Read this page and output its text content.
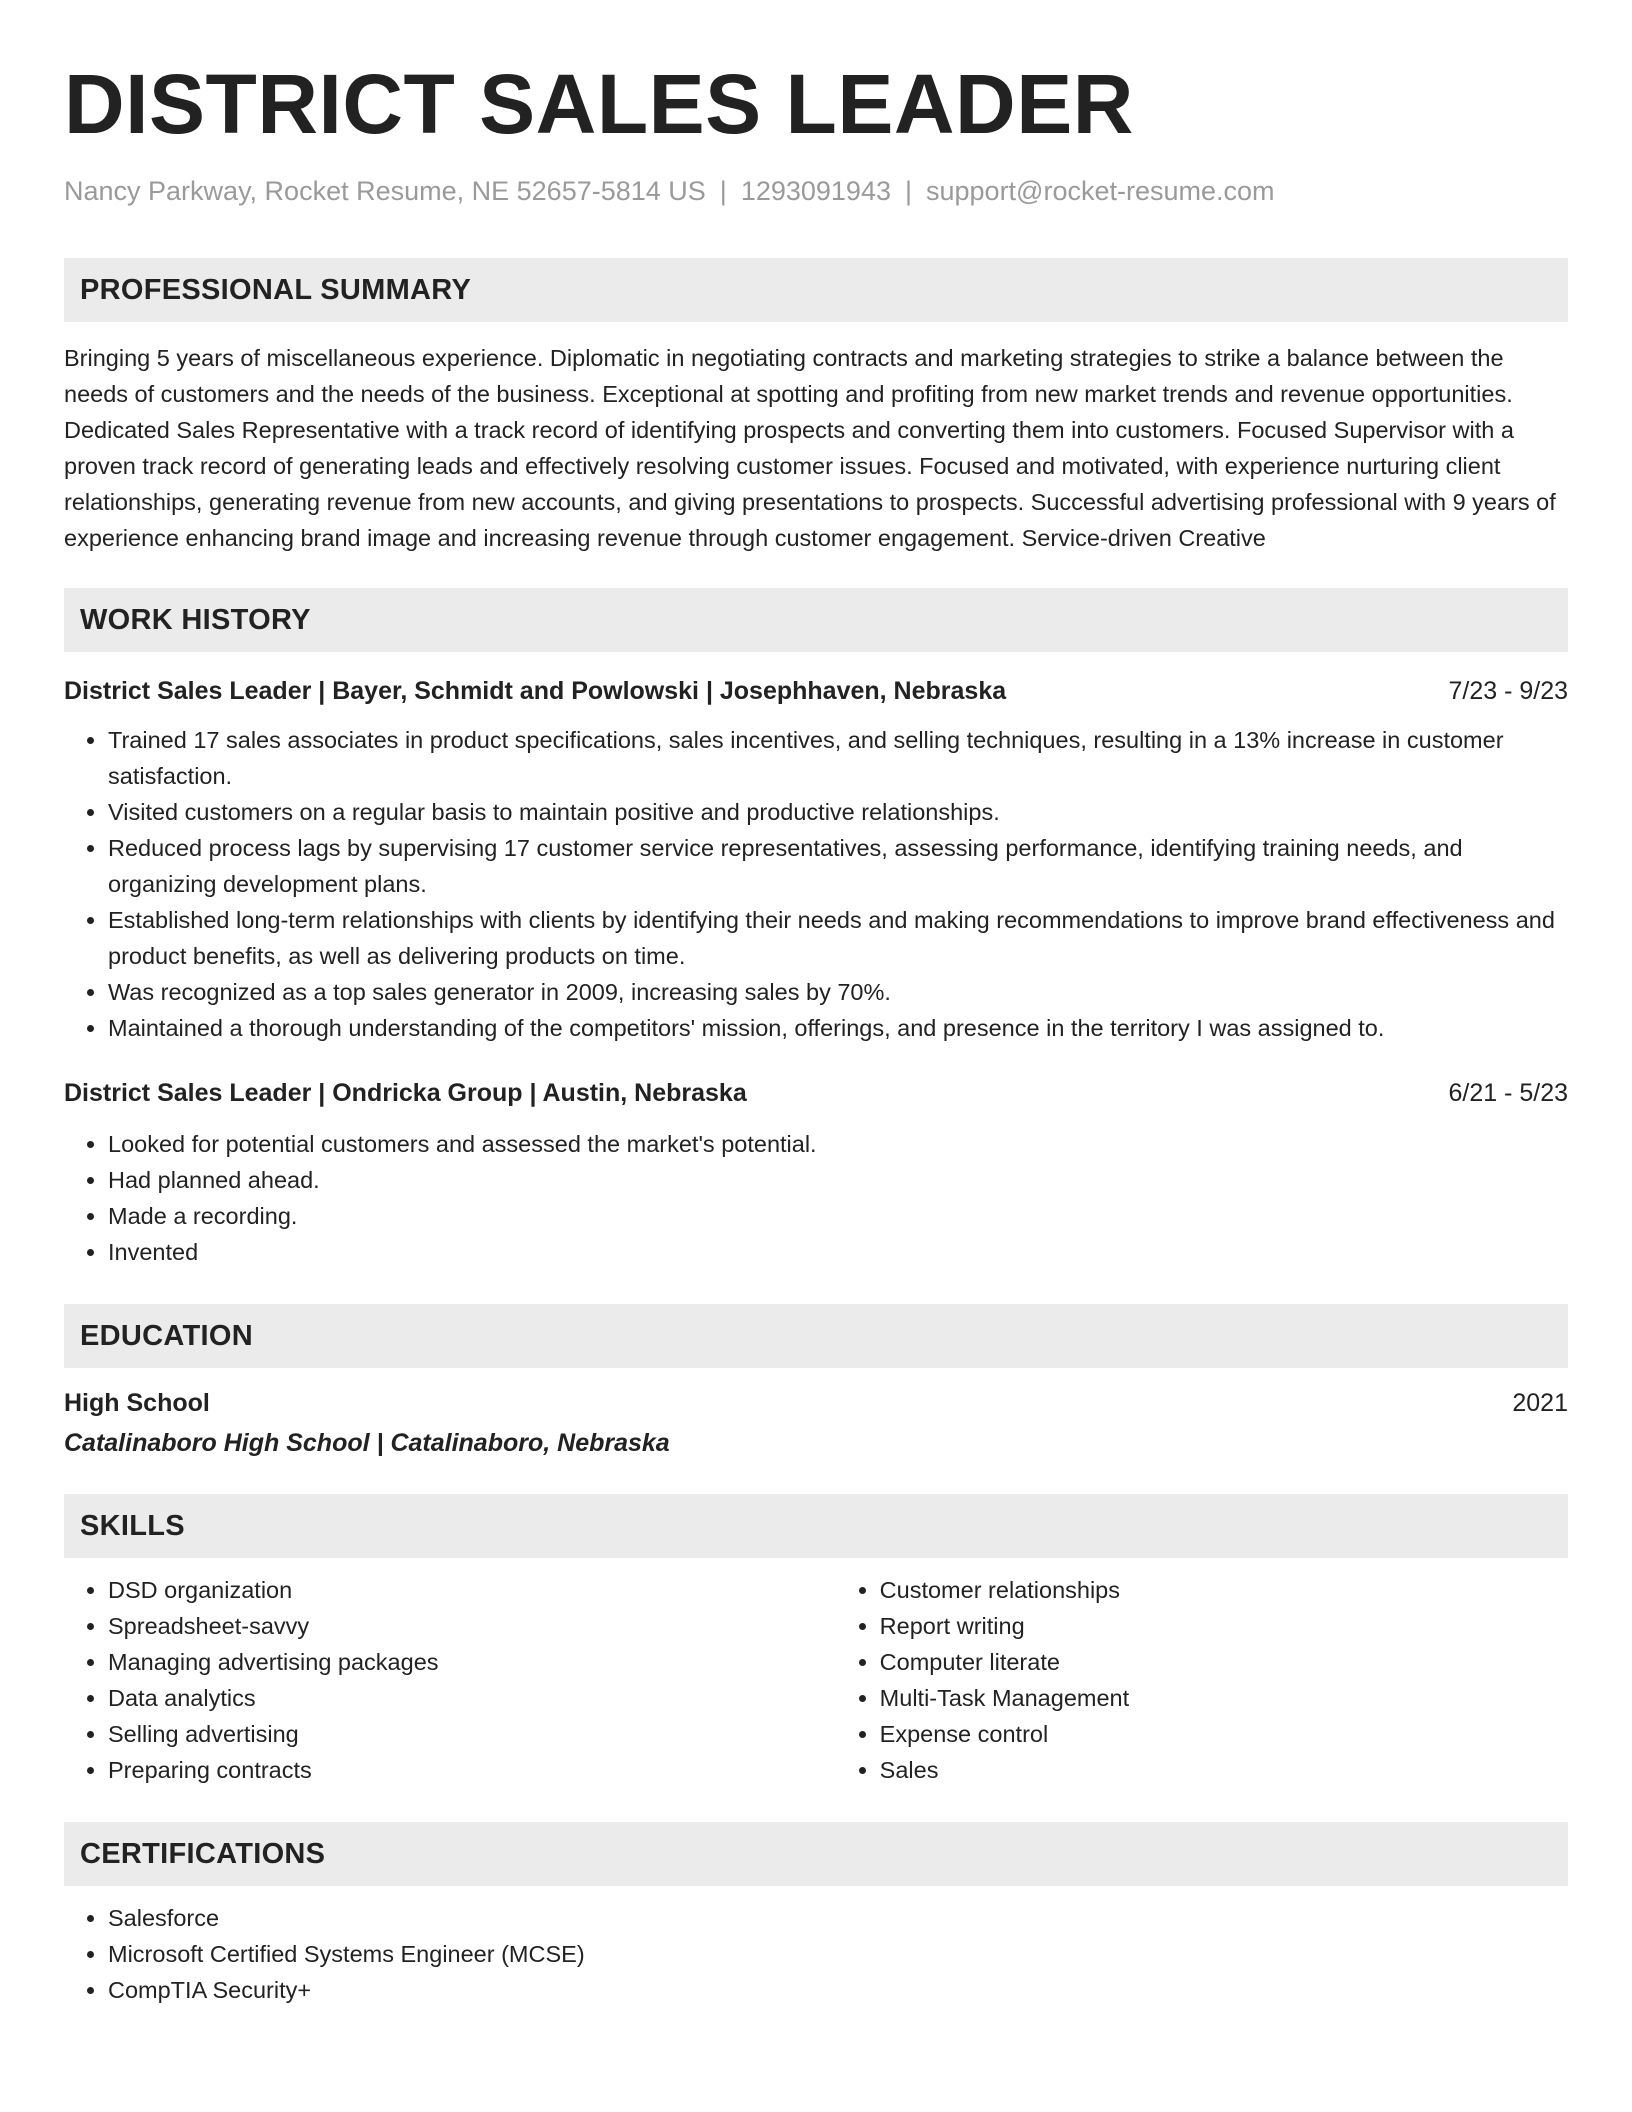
DISTRICT SALES LEADER
Nancy Parkway, Rocket Resume, NE 52657-5814 US | 1293091943 | support@rocket-resume.com
PROFESSIONAL SUMMARY
Bringing 5 years of miscellaneous experience. Diplomatic in negotiating contracts and marketing strategies to strike a balance between the needs of customers and the needs of the business. Exceptional at spotting and profiting from new market trends and revenue opportunities. Dedicated Sales Representative with a track record of identifying prospects and converting them into customers. Focused Supervisor with a proven track record of generating leads and effectively resolving customer issues. Focused and motivated, with experience nurturing client relationships, generating revenue from new accounts, and giving presentations to prospects. Successful advertising professional with 9 years of experience enhancing brand image and increasing revenue through customer engagement. Service-driven Creative
WORK HISTORY
District Sales Leader | Bayer, Schmidt and Powlowski | Josephhaven, Nebraska	7/23 - 9/23
• Trained 17 sales associates in product specifications, sales incentives, and selling techniques, resulting in a 13% increase in customer satisfaction.
• Visited customers on a regular basis to maintain positive and productive relationships.
• Reduced process lags by supervising 17 customer service representatives, assessing performance, identifying training needs, and organizing development plans.
• Established long-term relationships with clients by identifying their needs and making recommendations to improve brand effectiveness and product benefits, as well as delivering products on time.
• Was recognized as a top sales generator in 2009, increasing sales by 70%.
• Maintained a thorough understanding of the competitors' mission, offerings, and presence in the territory I was assigned to.
District Sales Leader | Ondricka Group | Austin, Nebraska	6/21 - 5/23
• Looked for potential customers and assessed the market's potential.
• Had planned ahead.
• Made a recording.
• Invented
EDUCATION
High School	2021
Catalinaboro High School | Catalinaboro, Nebraska
SKILLS
• DSD organization
• Spreadsheet-savvy
• Managing advertising packages
• Data analytics
• Selling advertising
• Preparing contracts
• Customer relationships
• Report writing
• Computer literate
• Multi-Task Management
• Expense control
• Sales
CERTIFICATIONS
• Salesforce
• Microsoft Certified Systems Engineer (MCSE)
• CompTIA Security+
